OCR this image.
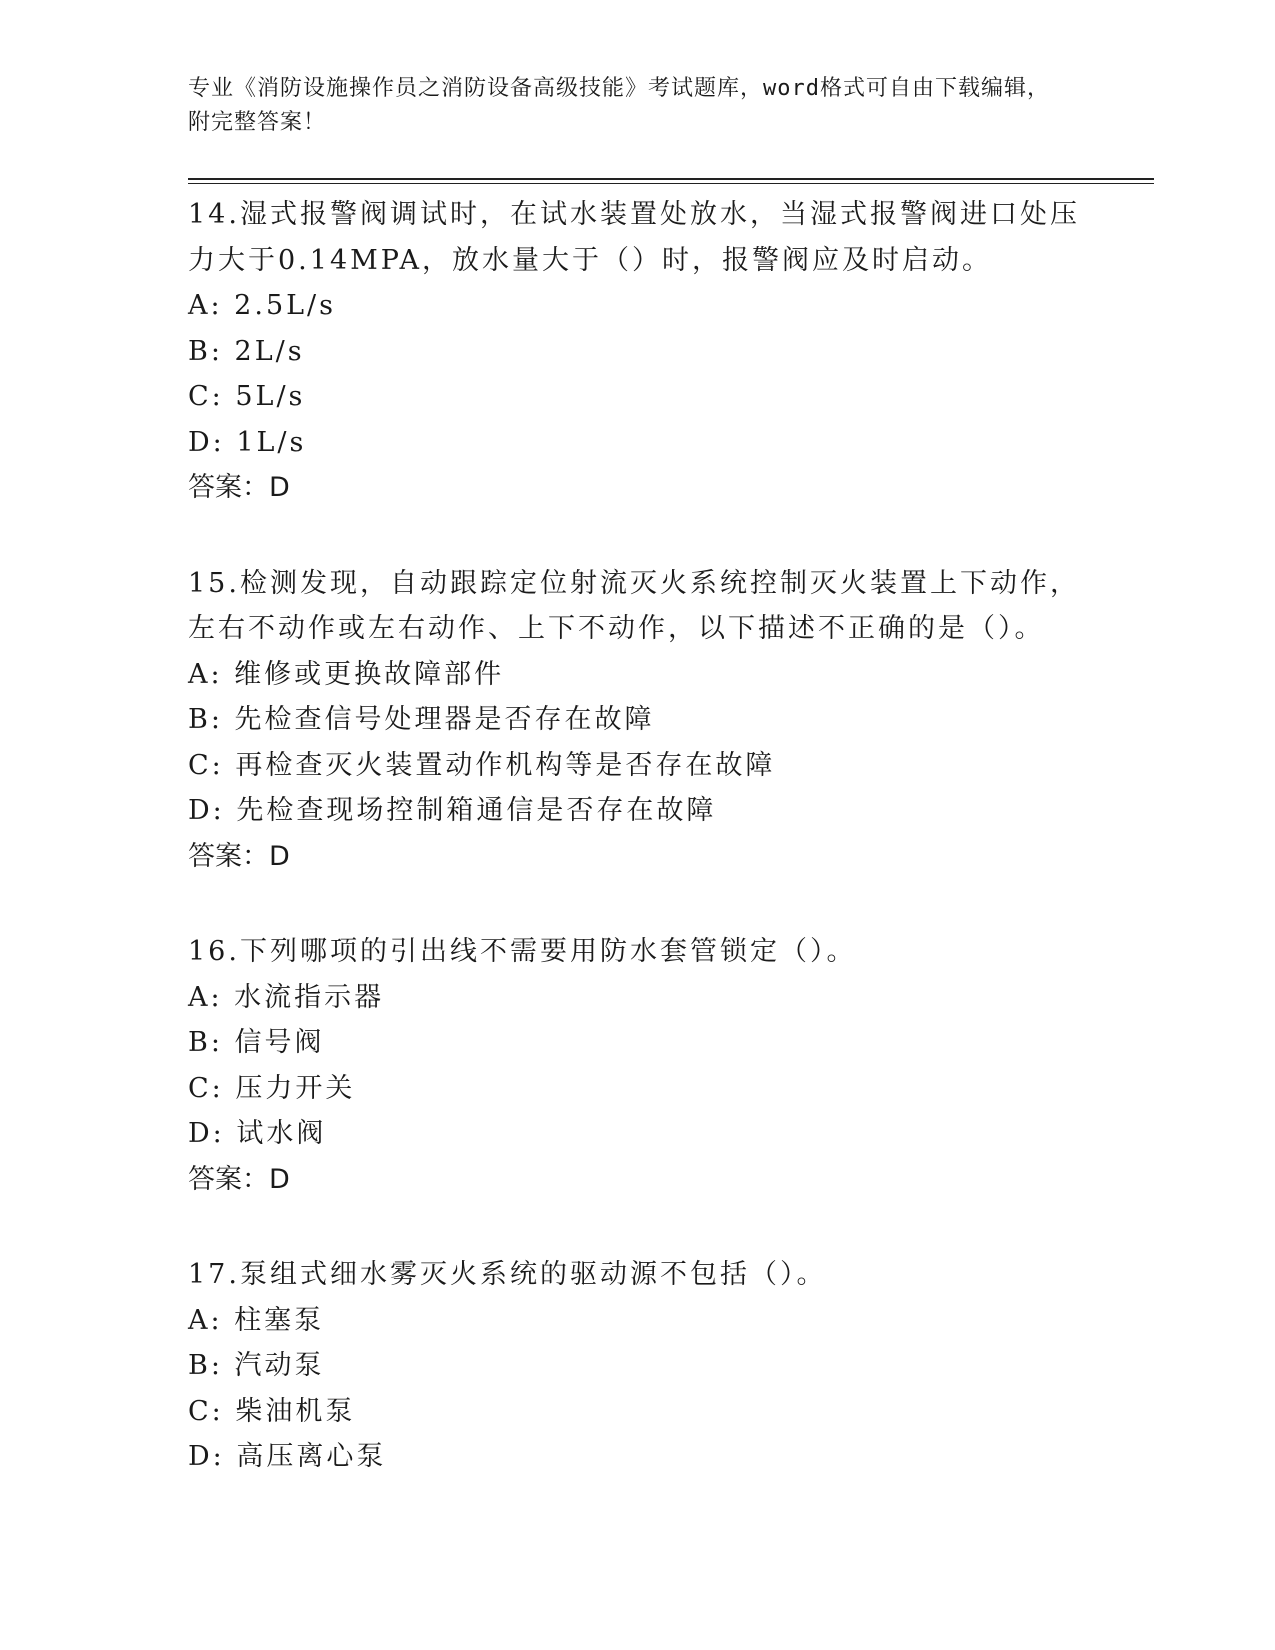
专业《消防设施操作员之消防设备高级技能》考试题库，word格式可自由下载编辑，附完整答案！
14.湿式报警阀调试时，在试水装置处放水，当湿式报警阀进口处压力大于0.14MPA，放水量大于（）时，报警阀应及时启动。
A: 2.5L/s
B: 2L/s
C: 5L/s
D: 1L/s
答案：D
15.检测发现，自动跟踪定位射流灭火系统控制灭火装置上下动作，左右不动作或左右动作、上下不动作，以下描述不正确的是（）。
A: 维修或更换故障部件
B: 先检查信号处理器是否存在故障
C: 再检查灭火装置动作机构等是否存在故障
D: 先检查现场控制箱通信是否存在故障
答案：D
16.下列哪项的引出线不需要用防水套管锁定（）。
A: 水流指示器
B: 信号阀
C: 压力开关
D: 试水阀
答案：D
17.泵组式细水雾灭火系统的驱动源不包括（）。
A: 柱塞泵
B: 汽动泵
C: 柴油机泵
D: 高压离心泵
